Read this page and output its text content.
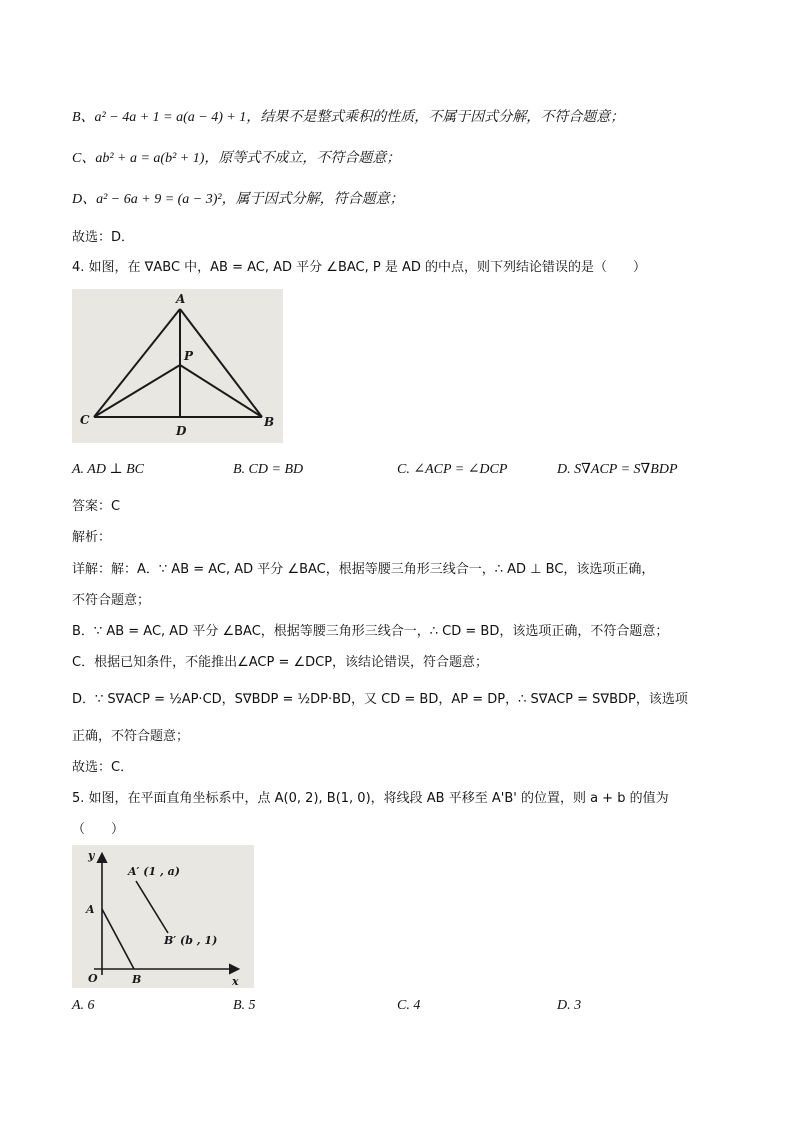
B、a² − 4a + 1 = a(a − 4) + 1，结果不是整式乘积的性质，不属于因式分解，不符合题意；
C、ab² + a = a(b² + 1)，原等式不成立，不符合题意；
D、a² − 6a + 9 = (a − 3)²，属于因式分解，符合题意；
故选：D．
4. 如图，在 ∇ABC 中，AB = AC, AD 平分 ∠BAC, P 是 AD 的中点，则下列结论错误的是（　　）
A
P
C
D
B
A. AD ⊥ BC	B. CD = BD	C. ∠ACP = ∠DCP	D. S∇ACP = S∇BDP
答案：C
解析：
详解：解：A．∵ AB = AC, AD 平分 ∠BAC，根据等腰三角形三线合一，∴ AD ⊥ BC，该选项正确，
不符合题意；
B．∵ AB = AC, AD 平分 ∠BAC，根据等腰三角形三线合一，∴ CD = BD，该选项正确，不符合题意；
C．根据已知条件，不能推出∠ACP = ∠DCP，该结论错误，符合题意；
D．∵ S∇ACP = ½AP·CD，S∇BDP = ½DP·BD，又 CD = BD，AP = DP，∴ S∇ACP = S∇BDP，该选项
正确，不符合题意；
故选：C．
5. 如图，在平面直角坐标系中，点 A(0, 2), B(1, 0)，将线段 AB 平移至 A'B' 的位置，则 a + b 的值为
（　　）
y
x
O
A
B
A′ (1 , a)
B′ (b , 1)
A. 6	B. 5	C. 4	D. 3
